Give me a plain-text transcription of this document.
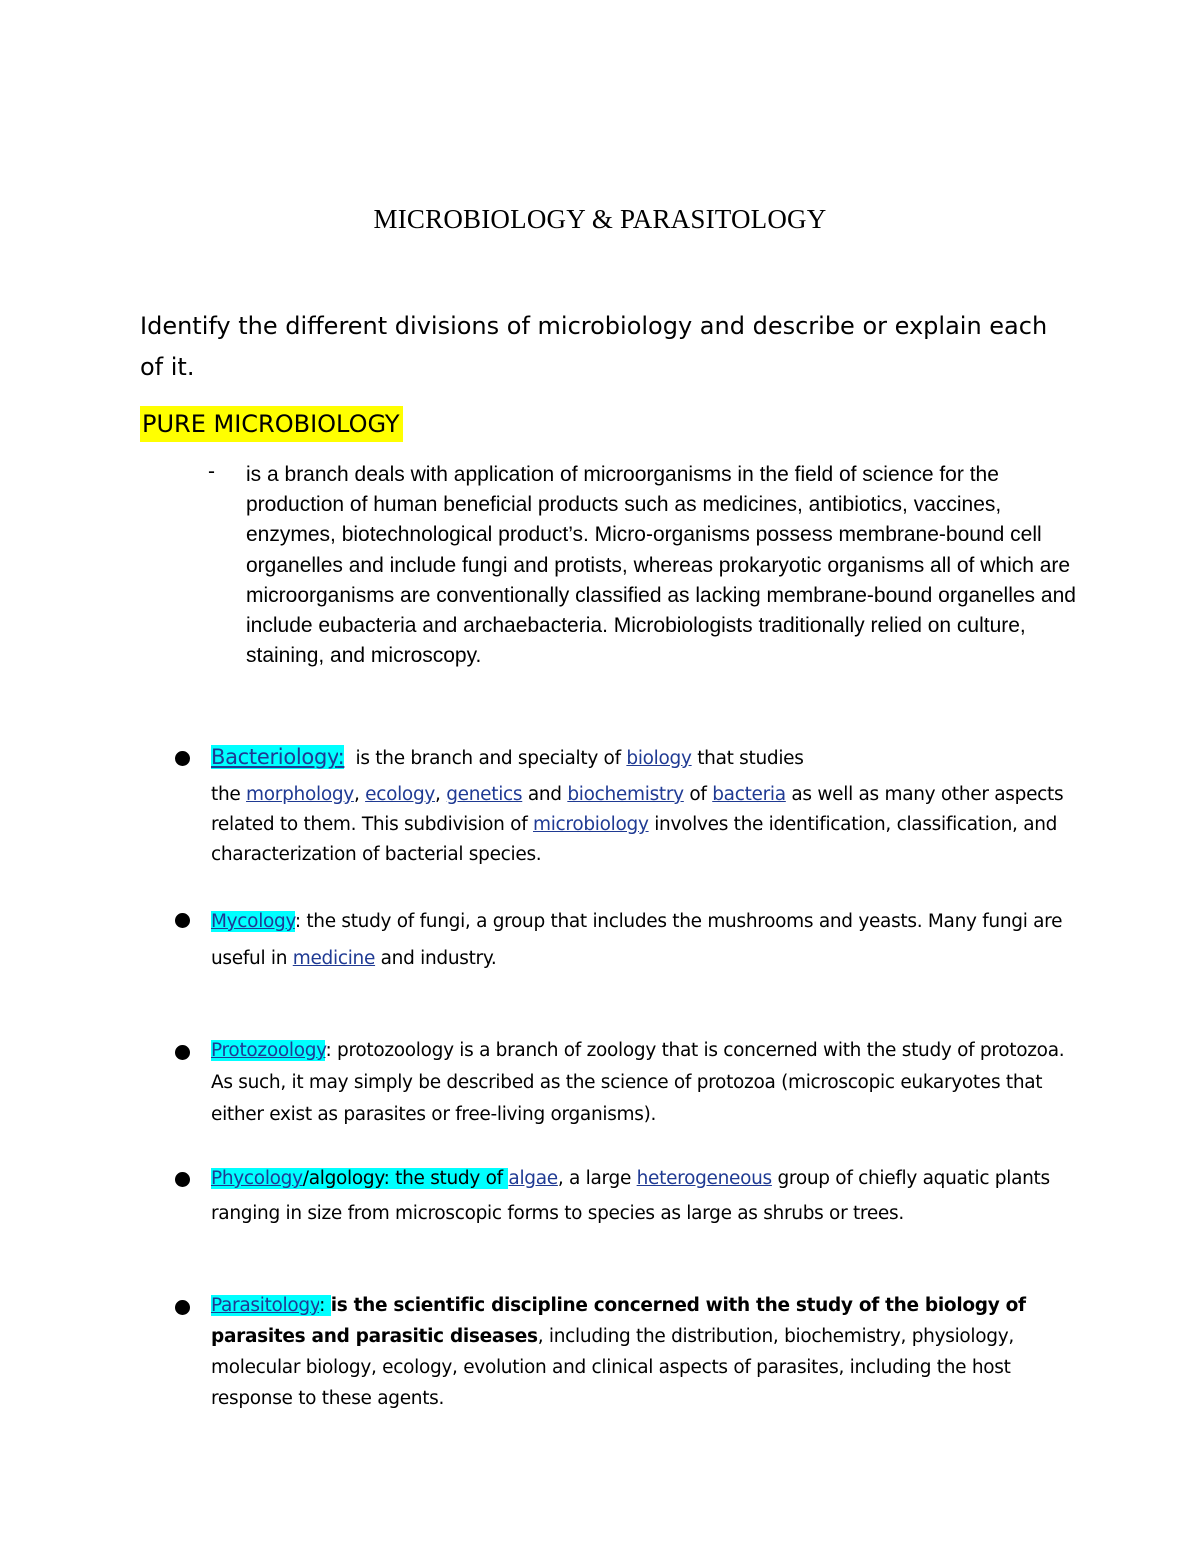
MICROBIOLOGY & PARASITOLOGY
Identify the different divisions of microbiology and describe or explain each of it.
PURE MICROBIOLOGY
- is a branch deals with application of microorganisms in the field of science for the production of human beneficial products such as medicines, antibiotics, vaccines, enzymes, biotechnological product’s. Micro-organisms possess membrane-bound cell organelles and include fungi and protists, whereas prokaryotic organisms all of which are microorganisms are conventionally classified as lacking membrane-bound organelles and include eubacteria and archaebacteria. Microbiologists traditionally relied on culture, staining, and microscopy.
Bacteriology:  is the branch and specialty of biology that studies
the morphology, ecology, genetics and biochemistry of bacteria as well as many other aspects related to them. This subdivision of microbiology involves the identification, classification, and characterization of bacterial species.
Mycology: the study of fungi, a group that includes the mushrooms and yeasts. Many fungi are useful in medicine and industry.
Protozoology: protozoology is a branch of zoology that is concerned with the study of protozoa. As such, it may simply be described as the science of protozoa (microscopic eukaryotes that either exist as parasites or free-living organisms).
Phycology/algology: the study of algae, a large heterogeneous group of chiefly aquatic plants ranging in size from microscopic forms to species as large as shrubs or trees.
Parasitology: is the scientific discipline concerned with the study of the biology of parasites and parasitic diseases, including the distribution, biochemistry, physiology, molecular biology, ecology, evolution and clinical aspects of parasites, including the host response to these agents.
